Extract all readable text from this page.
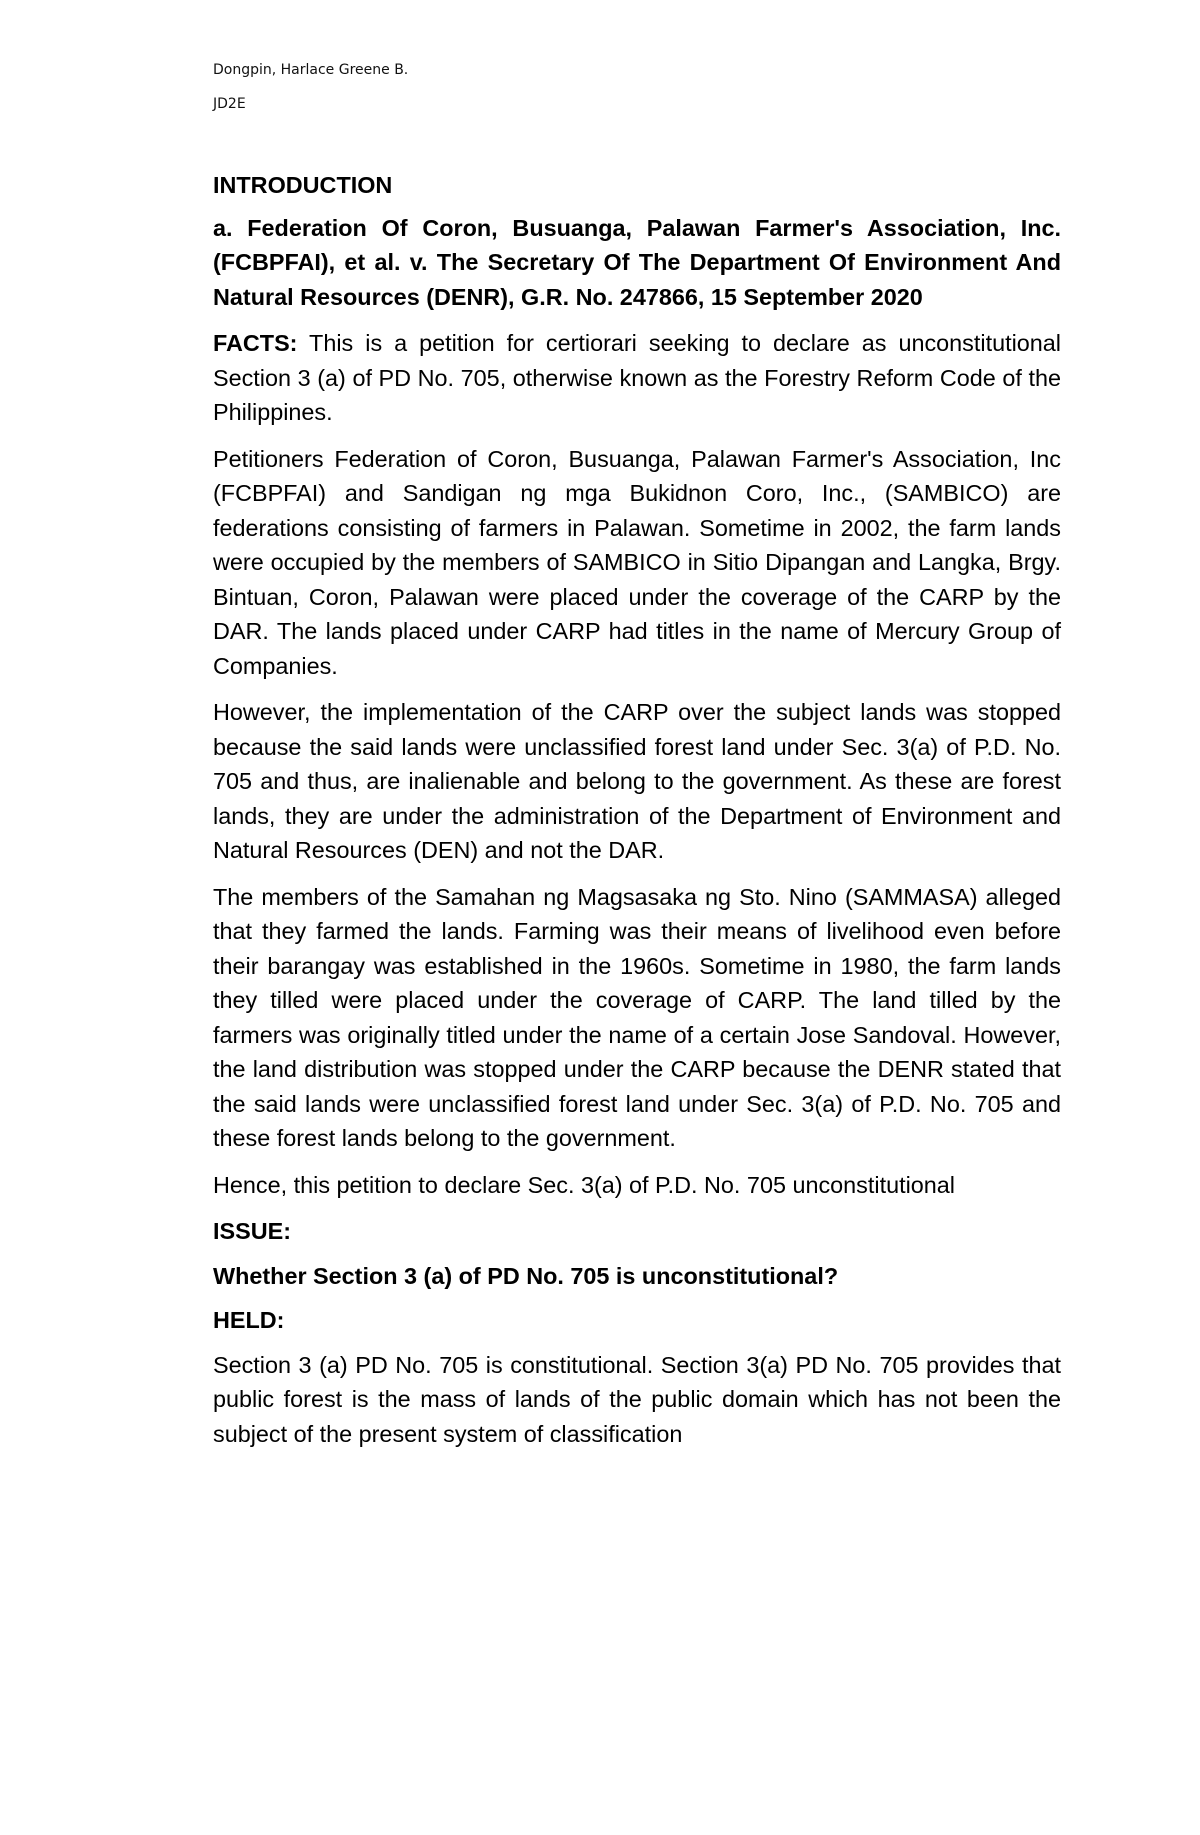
Dongpin, Harlace Greene B.
JD2E

INTRODUCTION

a. Federation Of Coron, Busuanga, Palawan Farmer's Association, Inc. (FCBPFAI), et al. v. The Secretary Of The Department Of Environment And Natural Resources (DENR), G.R. No. 247866, 15 September 2020

FACTS: This is a petition for certiorari seeking to declare as unconstitutional Section 3 (a) of PD No. 705, otherwise known as the Forestry Reform Code of the Philippines.

Petitioners Federation of Coron, Busuanga, Palawan Farmer's Association, Inc (FCBPFAI) and Sandigan ng mga Bukidnon Coro, Inc., (SAMBICO) are federations consisting of farmers in Palawan. Sometime in 2002, the farm lands were occupied by the members of SAMBICO in Sitio Dipangan and Langka, Brgy. Bintuan, Coron, Palawan were placed under the coverage of the CARP by the DAR. The lands placed under CARP had titles in the name of Mercury Group of Companies.

However, the implementation of the CARP over the subject lands was stopped because the said lands were unclassified forest land under Sec. 3(a) of P.D. No. 705 and thus, are inalienable and belong to the government. As these are forest lands, they are under the administration of the Department of Environment and Natural Resources (DEN) and not the DAR.

The members of the Samahan ng Magsasaka ng Sto. Nino (SAMMASA) alleged that they farmed the lands. Farming was their means of livelihood even before their barangay was established in the 1960s. Sometime in 1980, the farm lands they tilled were placed under the coverage of CARP. The land tilled by the farmers was originally titled under the name of a certain Jose Sandoval. However, the land distribution was stopped under the CARP because the DENR stated that the said lands were unclassified forest land under Sec. 3(a) of P.D. No. 705 and these forest lands belong to the government.

Hence, this petition to declare Sec. 3(a) of P.D. No. 705 unconstitutional

ISSUE:

Whether Section 3 (a) of PD No. 705 is unconstitutional?

HELD:

Section 3 (a) PD No. 705 is constitutional. Section 3(a) PD No. 705 provides that public forest is the mass of lands of the public domain which has not been the subject of the present system of classification
